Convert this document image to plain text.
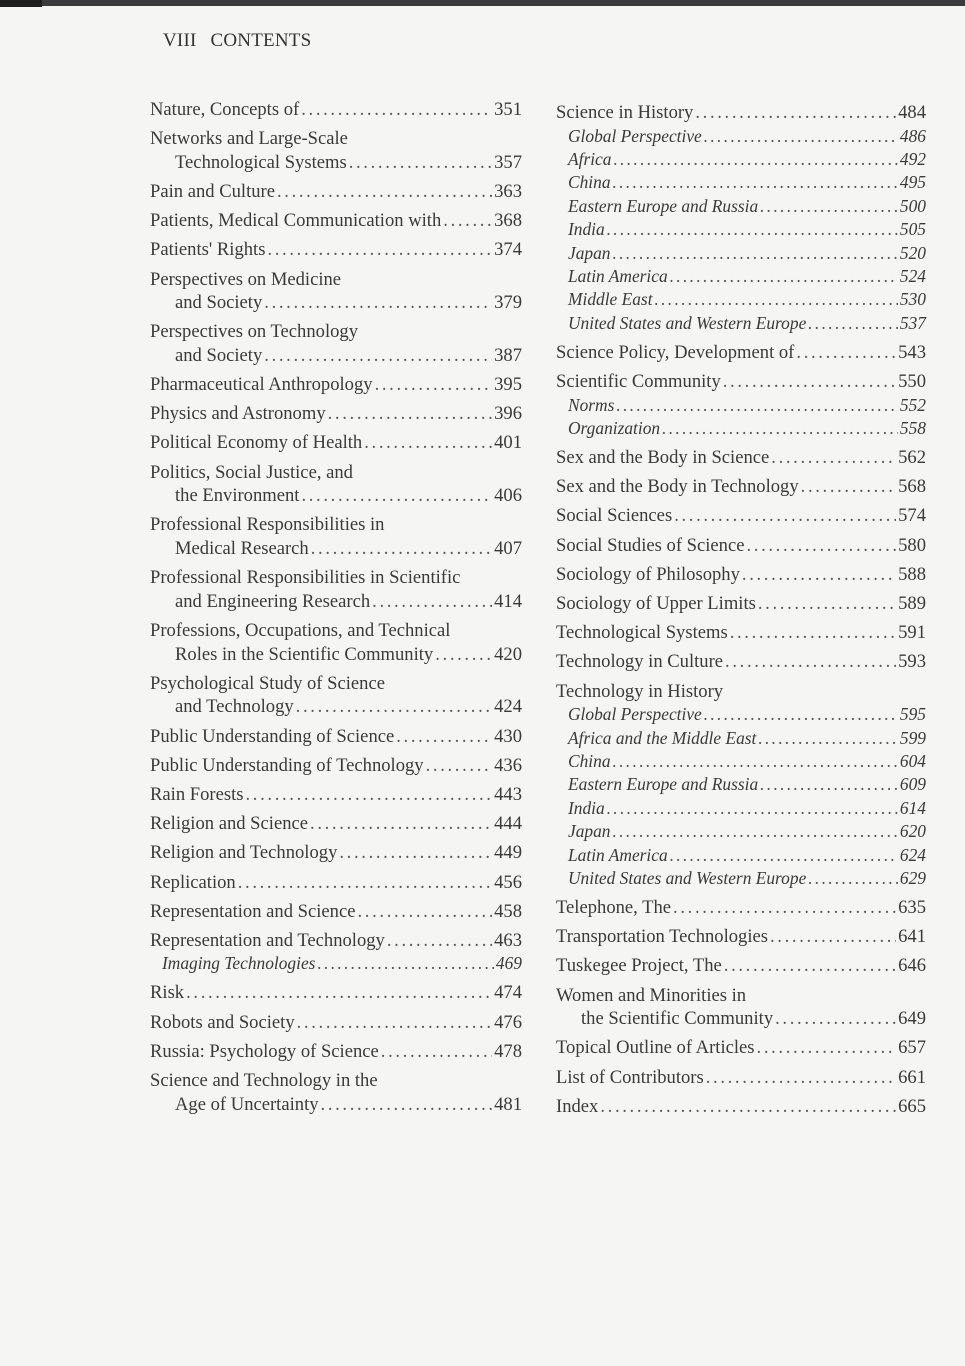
VIII CONTENTS
Nature, Concepts of . . .	351
Networks and Large-Scale
Technological Systems . . .	357
Pain and Culture . . .	363
Patients, Medical Communication with . . .	368
Patients' Rights . . .	374
Perspectives on Medicine
and Society . . .	379
Perspectives on Technology
and Society . . .	387
Pharmaceutical Anthropology . . .	395
Physics and Astronomy . . .	396
Political Economy of Health . . .	401
Politics, Social Justice, and
the Environment . . .	406
Professional Responsibilities in
Medical Research . . .	407
Professional Responsibilities in Scientific
and Engineering Research . . .	414
Professions, Occupations, and Technical
Roles in the Scientific Community . . .	420
Psychological Study of Science
and Technology . . .	424
Public Understanding of Science . . .	430
Public Understanding of Technology . . .	436
Rain Forests . . .	443
Religion and Science . . .	444
Religion and Technology . . .	449
Replication . . .	456
Representation and Science . . .	458
Representation and Technology . . .	463
Imaging Technologies . . .	469
Risk . . .	474
Robots and Society . . .	476
Russia: Psychology of Science . . .	478
Science and Technology in the
Age of Uncertainty . . .	481
Science in History . . .	484
Global Perspective . . .	486
Africa . . .	492
China . . .	495
Eastern Europe and Russia . . .	500
India . . .	505
Japan . . .	520
Latin America . . .	524
Middle East . . .	530
United States and Western Europe . . .	537
Science Policy, Development of . . .	543
Scientific Community . . .	550
Norms . . .	552
Organization . . .	558
Sex and the Body in Science . . .	562
Sex and the Body in Technology . . .	568
Social Sciences . . .	574
Social Studies of Science . . .	580
Sociology of Philosophy . . .	588
Sociology of Upper Limits . . .	589
Technological Systems . . .	591
Technology in Culture . . .	593
Technology in History
Global Perspective . . .	595
Africa and the Middle East . . .	599
China . . .	604
Eastern Europe and Russia . . .	609
India . . .	614
Japan . . .	620
Latin America . . .	624
United States and Western Europe . . .	629
Telephone, The . . .	635
Transportation Technologies . . .	641
Tuskegee Project, The . . .	646
Women and Minorities in
the Scientific Community . . .	649
Topical Outline of Articles . . .	657
List of Contributors . . .	661
Index . . .	665
